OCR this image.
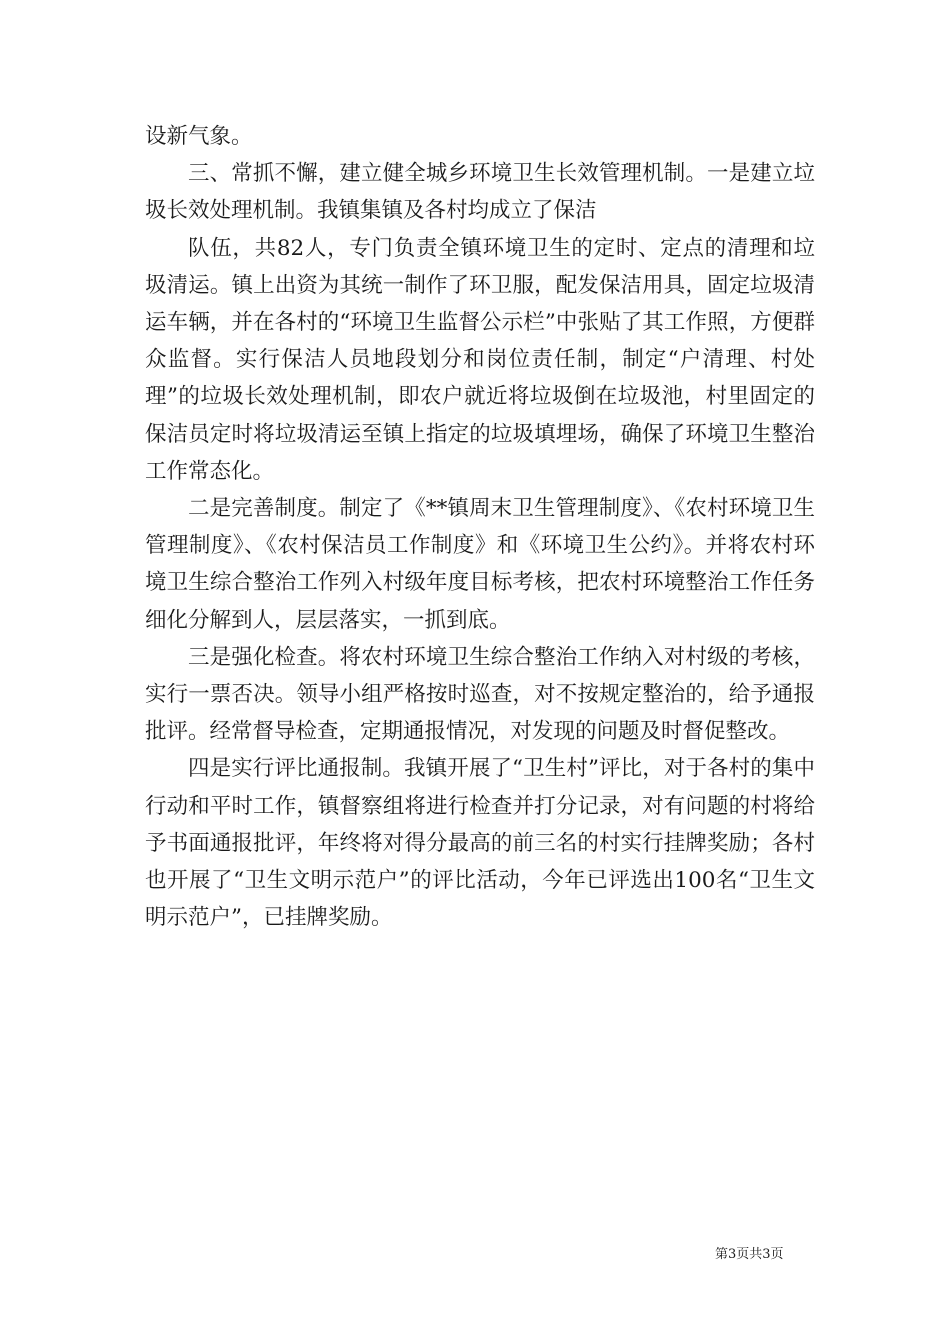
设新气象。

三、常抓不懈，建立健全城乡环境卫生长效管理机制。一是建立垃圾长效处理机制。我镇集镇及各村均成立了保洁

队伍，共82人，专门负责全镇环境卫生的定时、定点的清理和垃圾清运。镇上出资为其统一制作了环卫服，配发保洁用具，固定垃圾清运车辆，并在各村的“环境卫生监督公示栏”中张贴了其工作照，方便群众监督。实行保洁人员地段划分和岗位责任制，制定“户清理、村处理”的垃圾长效处理机制，即农户就近将垃圾倒在垃圾池，村里固定的保洁员定时将垃圾清运至镇上指定的垃圾填埋场，确保了环境卫生整治工作常态化。

二是完善制度。制定了《**镇周末卫生管理制度》、《农村环境卫生管理制度》、《农村保洁员工作制度》和《环境卫生公约》。并将农村环境卫生综合整治工作列入村级年度目标考核，把农村环境整治工作任务细化分解到人，层层落实，一抓到底。

三是强化检查。将农村环境卫生综合整治工作纳入对村级的考核，实行一票否决。领导小组严格按时巡查，对不按规定整治的，给予通报批评。经常督导检查，定期通报情况，对发现的问题及时督促整改。

四是实行评比通报制。我镇开展了“卫生村”评比，对于各村的集中行动和平时工作，镇督察组将进行检查并打分记录，对有问题的村将给予书面通报批评，年终将对得分最高的前三名的村实行挂牌奖励；各村也开展了“卫生文明示范户”的评比活动，今年已评选出100名“卫生文明示范户”，已挂牌奖励。

第3页共3页
